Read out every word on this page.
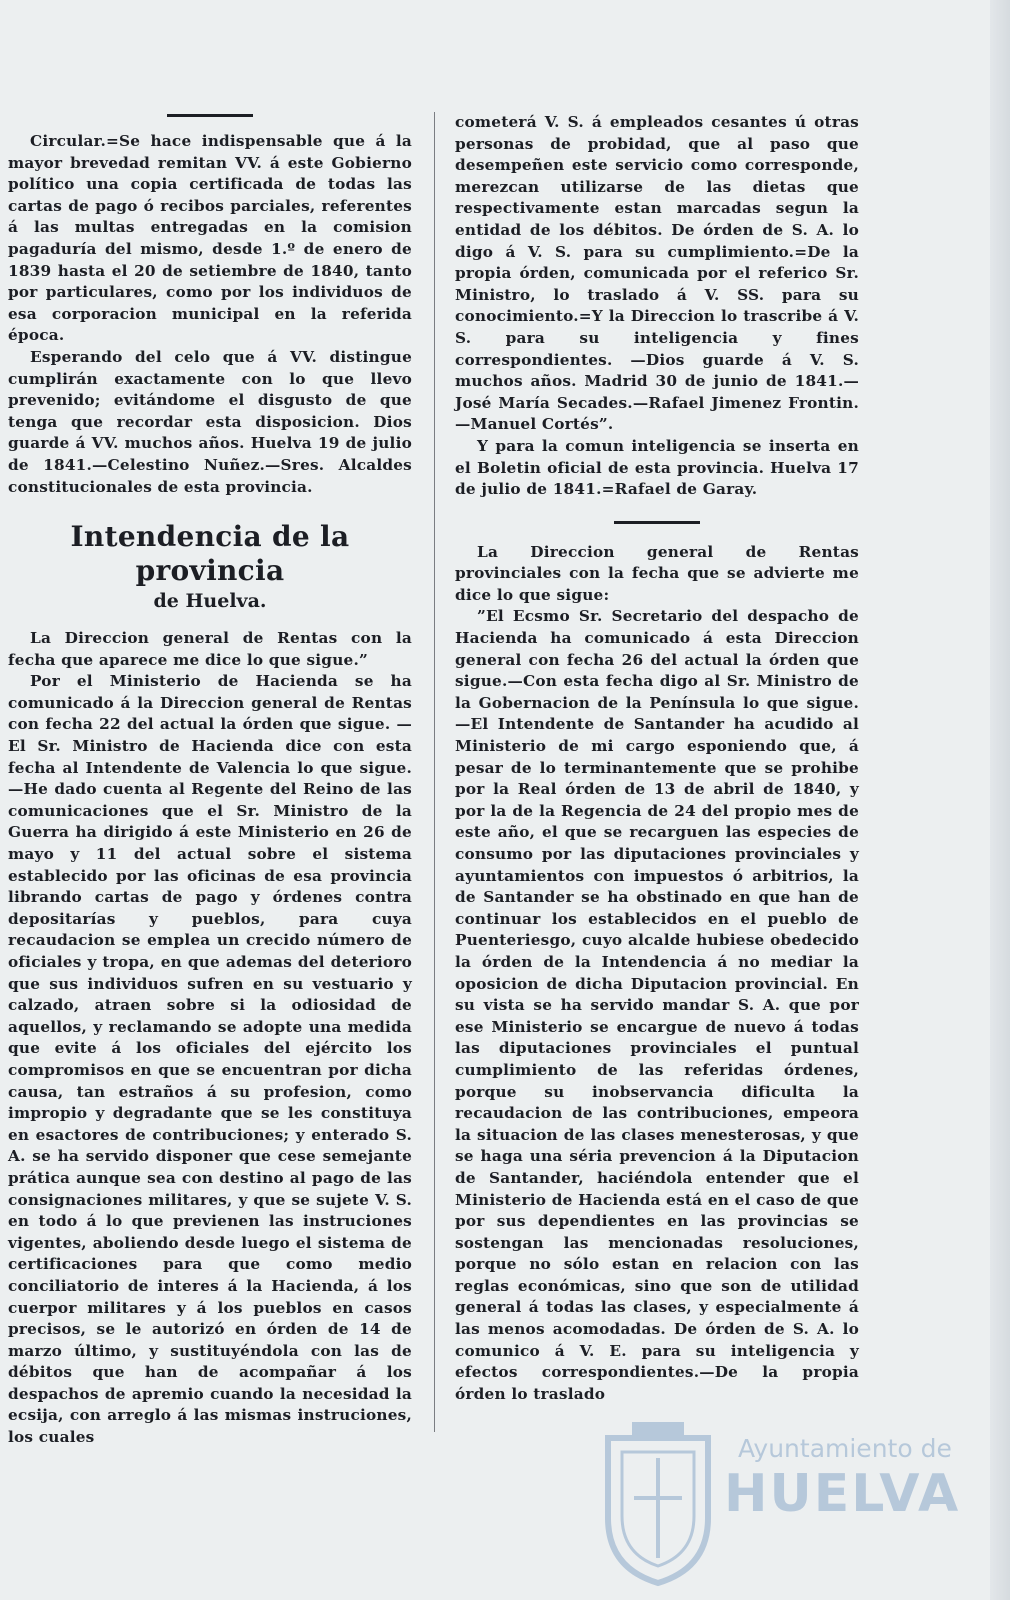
Circular.=Se hace indispensable que á la mayor brevedad remitan VV. á este Gobierno político una copia certificada de todas las cartas de pago ó recibos parciales, referentes á las multas entregadas en la comision pagaduría del mismo, desde 1.º de enero de 1839 hasta el 20 de setiembre de 1840, tanto por particulares, como por los individuos de esa corporacion municipal en la referida época.

Esperando del celo que á VV. distingue cumplirán exactamente con lo que llevo prevenido; evitándome el disgusto de que tenga que recordar esta disposicion. Dios guarde á VV. muchos años. Huelva 19 de julio de 1841.—Celestino Nuñez.—Sres. Alcaldes constitucionales de esta provincia.

Intendencia de la provincia
de Huelva.

La Direccion general de Rentas con la fecha que aparece me dice lo que sigue.”

Por el Ministerio de Hacienda se ha comunicado á la Direccion general de Rentas con fecha 22 del actual la órden que sigue. —El Sr. Ministro de Hacienda dice con esta fecha al Intendente de Valencia lo que sigue.—He dado cuenta al Regente del Reino de las comunicaciones que el Sr. Ministro de la Guerra ha dirigido á este Ministerio en 26 de mayo y 11 del actual sobre el sistema establecido por las oficinas de esa provincia librando cartas de pago y órdenes contra depositarías y pueblos, para cuya recaudacion se emplea un crecido número de oficiales y tropa, en que ademas del deterioro que sus individuos sufren en su vestuario y calzado, atraen sobre si la odiosidad de aquellos, y reclamando se adopte una medida que evite á los oficiales del ejército los compromisos en que se encuentran por dicha causa, tan estraños á su profesion, como impropio y degradante que se les constituya en esactores de contribuciones; y enterado S. A. se ha servido disponer que cese semejante prática aunque sea con destino al pago de las consignaciones militares, y que se sujete V. S. en todo á lo que previenen las instruciones vigentes, aboliendo desde luego el sistema de certificaciones para que como medio conciliatorio de interes á la Hacienda, á los cuerpor militares y á los pueblos en casos precisos, se le autorizó en órden de 14 de marzo último, y sustituyéndola con las de débitos que han de acompañar á los despachos de apremio cuando la necesidad la ecsija, con arreglo á las mismas instruciones, los cuales

cometerá V. S. á empleados cesantes ú otras personas de probidad, que al paso que desempeñen este servicio como corresponde, merezcan utilizarse de las dietas que respectivamente estan marcadas segun la entidad de los débitos. De órden de S. A. lo digo á V. S. para su cumplimiento.=De la propia órden, comunicada por el referico Sr. Ministro, lo traslado á V. SS. para su conocimiento.=Y la Direccion lo trascribe á V. S. para su inteligencia y fines correspondientes. —Dios guarde á V. S. muchos años. Madrid 30 de junio de 1841.—José María Secades.—Rafael Jimenez Frontin.—Manuel Cortés”.

Y para la comun inteligencia se inserta en el Boletin oficial de esta provincia. Huelva 17 de julio de 1841.=Rafael de Garay.

La Direccion general de Rentas provinciales con la fecha que se advierte me dice lo que sigue:

”El Ecsmo Sr. Secretario del despacho de Hacienda ha comunicado á esta Direccion general con fecha 26 del actual la órden que sigue.—Con esta fecha digo al Sr. Ministro de la Gobernacion de la Península lo que sigue.—El Intendente de Santander ha acudido al Ministerio de mi cargo esponiendo que, á pesar de lo terminantemente que se prohibe por la Real órden de 13 de abril de 1840, y por la de la Regencia de 24 del propio mes de este año, el que se recarguen las especies de consumo por las diputaciones provinciales y ayuntamientos con impuestos ó arbitrios, la de Santander se ha obstinado en que han de continuar los establecidos en el pueblo de Puenteriesgo, cuyo alcalde hubiese obedecido la órden de la Intendencia á no mediar la oposicion de dicha Diputacion provincial. En su vista se ha servido mandar S. A. que por ese Ministerio se encargue de nuevo á todas las diputaciones provinciales el puntual cumplimiento de las referidas órdenes, porque su inobservancia dificulta la recaudacion de las contribuciones, empeora la situacion de las clases menesterosas, y que se haga una séria prevencion á la Diputacion de Santander, haciéndola entender que el Ministerio de Hacienda está en el caso de que por sus dependientes en las provincias se sostengan las mencionadas resoluciones, porque no sólo estan en relacion con las reglas económicas, sino que son de utilidad general á todas las clases, y especialmente á las menos acomodadas. De órden de S. A. lo comunico á V. E. para su inteligencia y efectos correspondientes.—De la propia órden lo traslado

Ayuntamiento de
HUELVA
